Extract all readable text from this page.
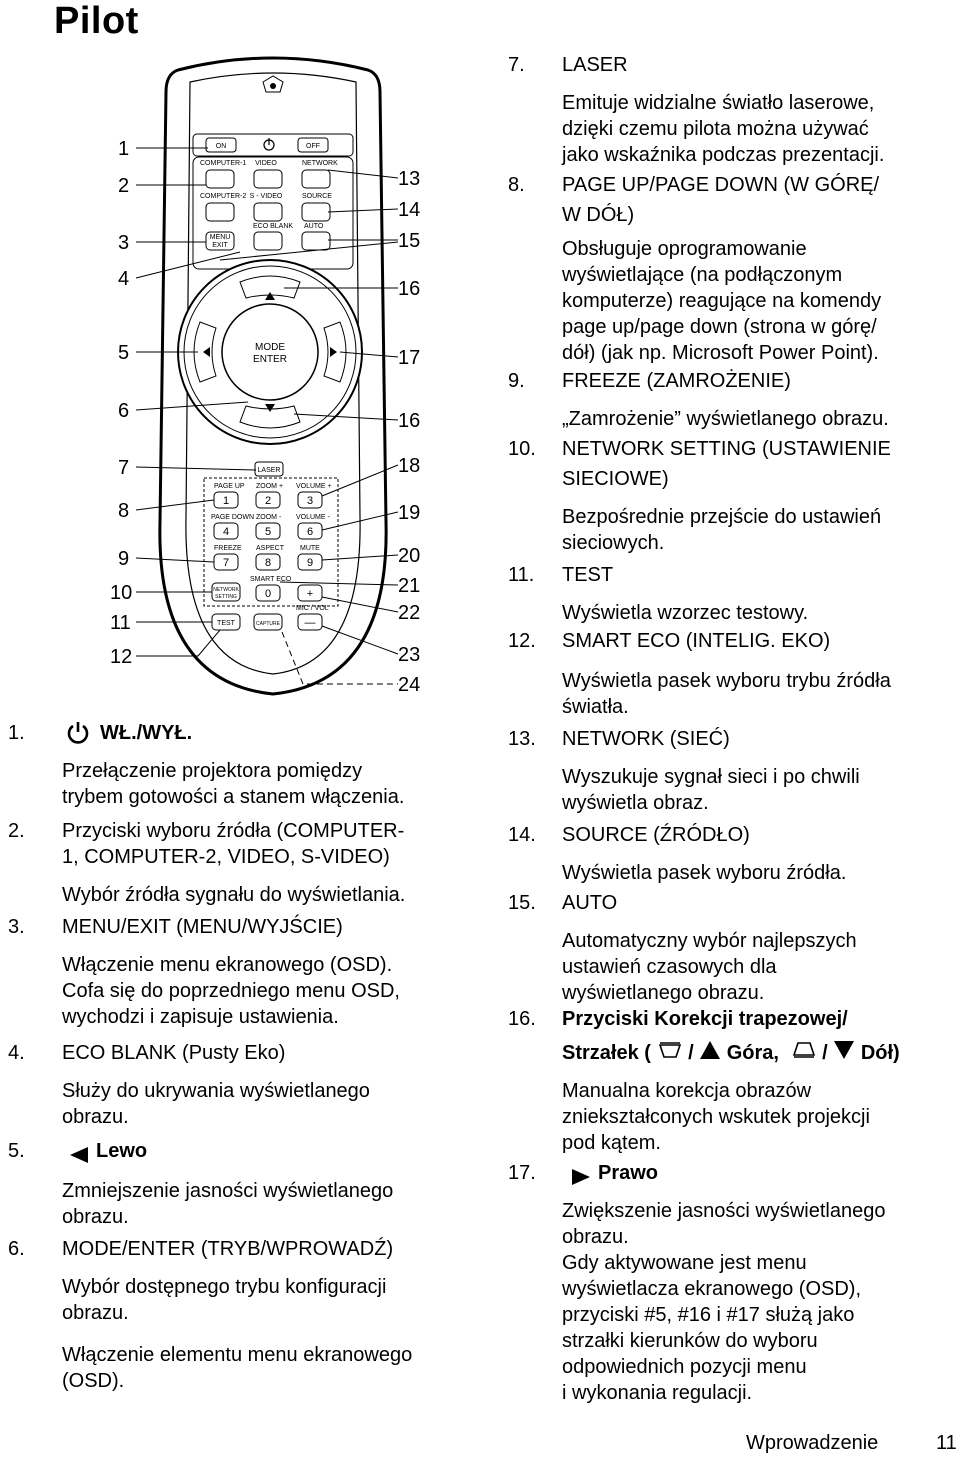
Pilot
ON	OFF
COMPUTER-1 VIDEO	NETWORK
COMPUTER-2 S - VIDEO	SOURCE
ECO BLANK AUTO
MENU
EXIT
MODE
ENTER
LASER
PAGE UP ZOOM + VOLUME +
1	2	3
PAGE DOWN ZOOM - VOLUME -
4	5	6
FREEZE ASPECT MUTE
7	8	9
SMART ECO
NETWORK
SETTING	0	+
MIC / VOL
TEST	CAPTURE —
1
2
3
4
5
6
7
8
9
10
11
12
13
14
15
16
17
16
18
19
20
21
22
23
24
1.	WŁ./WYŁ.
Przełączenie projektora pomiędzy
trybem gotowości a stanem włączenia.
2. Przyciski wyboru źródła (COMPUTER-
1, COMPUTER-2, VIDEO, S-VIDEO)
Wybór źródła sygnału do wyświetlania.
3. MENU/EXIT (MENU/WYJŚCIE)
Włączenie menu ekranowego (OSD).
Cofa się do poprzedniego menu OSD,
wychodzi i zapisuje ustawienia.
4. ECO BLANK (Pusty Eko)
Służy do ukrywania wyświetlanego
obrazu.
5.	Lewo
Zmniejszenie jasności wyświetlanego
obrazu.
6. MODE/ENTER (TRYB/WPROWADŹ)
Wybór dostępnego trybu konfiguracji
obrazu.
Włączenie elementu menu ekranowego
(OSD).
7. LASER
Emituje widzialne światło laserowe,
dzięki czemu pilota można używać
jako wskaźnika podczas prezentacji.
8. PAGE UP/PAGE DOWN (W GÓRĘ/
W DÓŁ)
Obsługuje oprogramowanie
wyświetlające (na podłączonym
komputerze) reagujące na komendy
page up/page down (strona w górę/
dół) (jak np. Microsoft Power Point).
9. FREEZE (ZAMROŻENIE)
„Zamrożenie” wyświetlanego obrazu.
10. NETWORK SETTING (USTAWIENIE
SIECIOWE)
Bezpośrednie przejście do ustawień
sieciowych.
11. TEST
Wyświetla wzorzec testowy.
12. SMART ECO (INTELIG. EKO)
Wyświetla pasek wyboru trybu źródła
światła.
13. NETWORK (SIEĆ)
Wyszukuje sygnał sieci i po chwili
wyświetla obraz.
14. SOURCE (ŹRÓDŁO)
Wyświetla pasek wyboru źródła.
15. AUTO
Automatyczny wybór najlepszych
ustawień czasowych dla
wyświetlanego obrazu.
16. Przyciski Korekcji trapezowej/
Strzałek ( / Góra, / Dół)
Manualna korekcja obrazów
zniekształconych wskutek projekcji
pod kątem.
17.	Prawo
Zwiększenie jasności wyświetlanego
obrazu.
Gdy aktywowane jest menu
wyświetlacza ekranowego (OSD),
przyciski #5, #16 i #17 służą jako
strzałki kierunków do wyboru
odpowiednich pozycji menu
i wykonania regulacji.
Wprowadzenie	11
